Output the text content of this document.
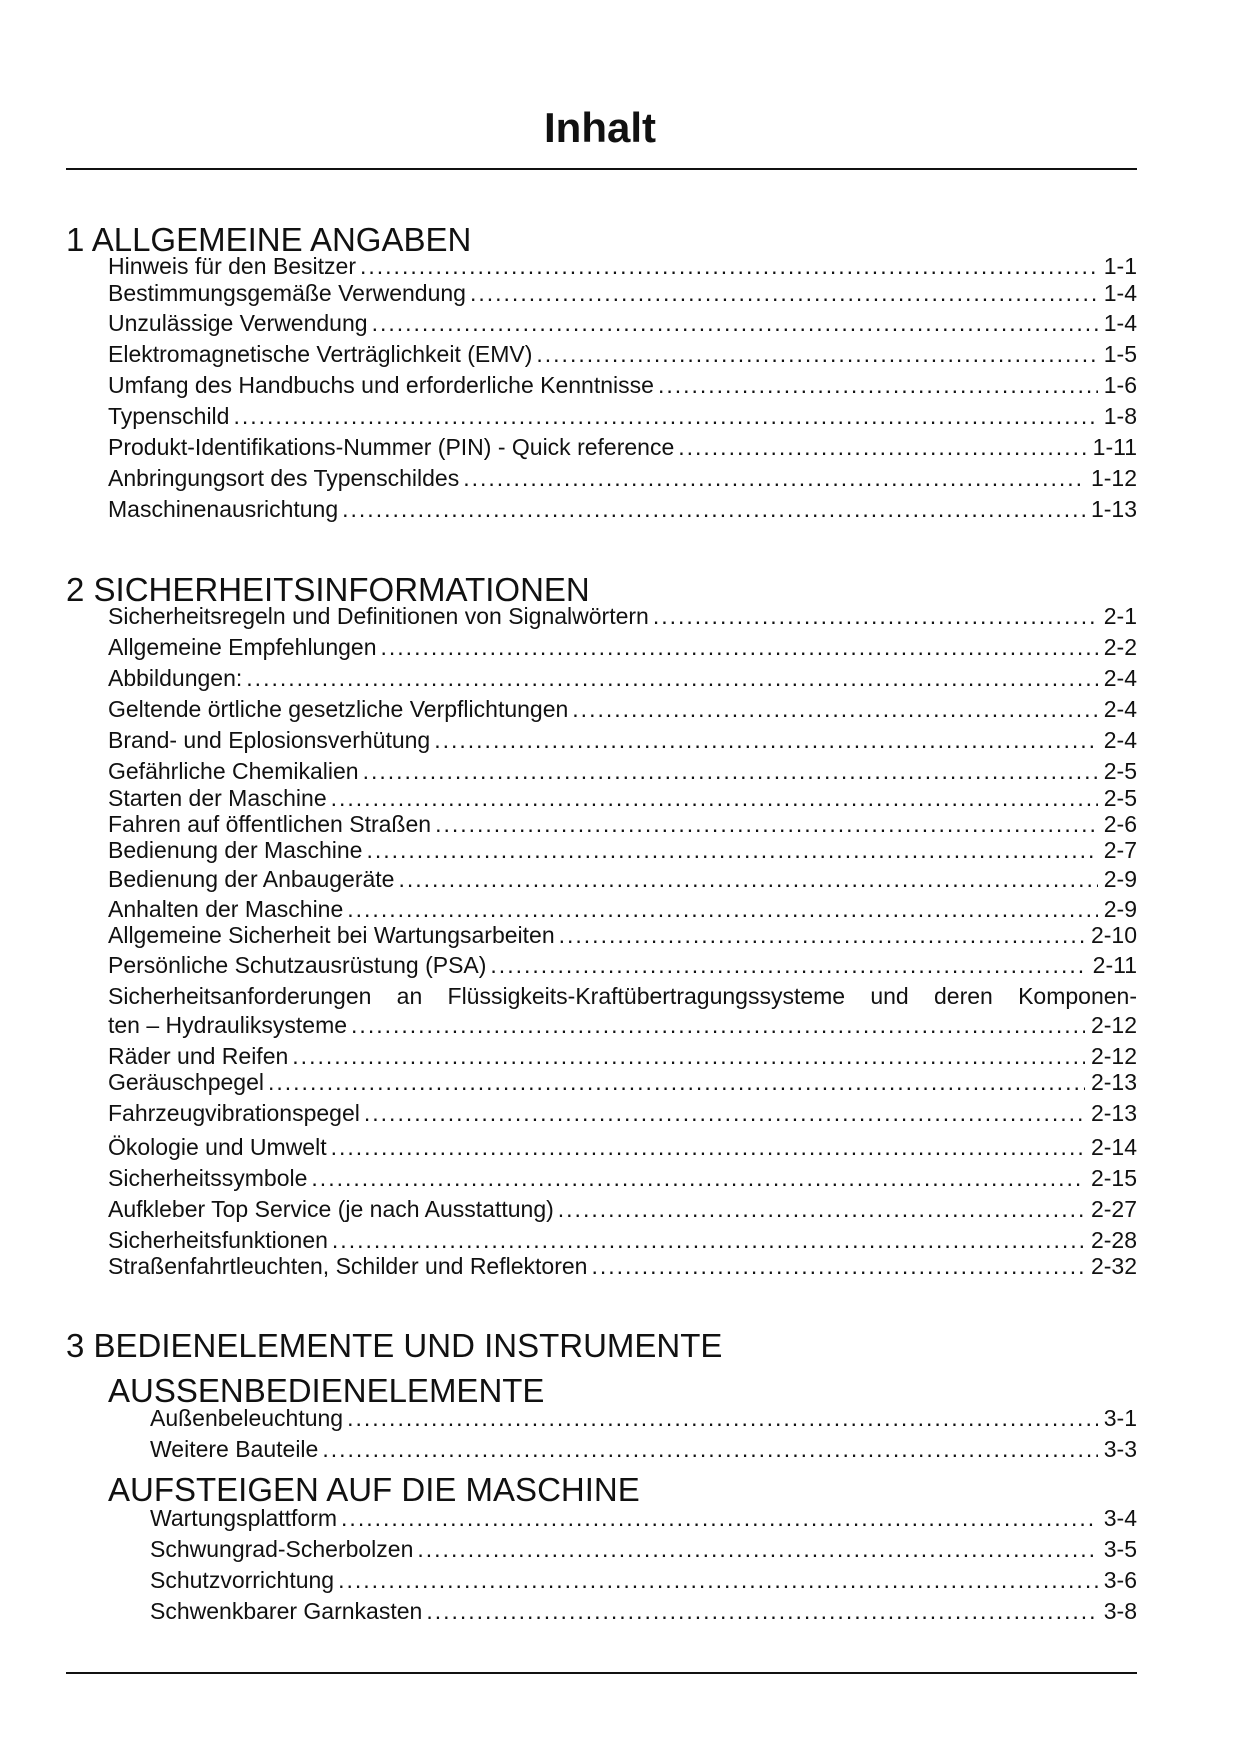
Inhalt
1 ALLGEMEINE ANGABEN
Hinweis für den Besitzer .....	1-1
Bestimmungsgemäße Verwendung .....	1-4
Unzulässige Verwendung .....	1-4
Elektromagnetische Verträglichkeit (EMV) .....	1-5
Umfang des Handbuchs und erforderliche Kenntnisse .....	1-6
Typenschild .....	1-8
Produkt-Identifikations-Nummer (PIN) - Quick reference .....	1-11
Anbringungsort des Typenschildes .....	1-12
Maschinenausrichtung .....	1-13
2 SICHERHEITSINFORMATIONEN
Sicherheitsregeln und Definitionen von Signalwörtern .....	2-1
Allgemeine Empfehlungen .....	2-2
Abbildungen: .....	2-4
Geltende örtliche gesetzliche Verpflichtungen .....	2-4
Brand- und Eplosionsverhütung .....	2-4
Gefährliche Chemikalien .....	2-5
Starten der Maschine .....	2-5
Fahren auf öffentlichen Straßen .....	2-6
Bedienung der Maschine .....	2-7
Bedienung der Anbaugeräte .....	2-9
Anhalten der Maschine .....	2-9
Allgemeine Sicherheit bei Wartungsarbeiten .....	2-10
Persönliche Schutzausrüstung (PSA) .....	2-11
Sicherheitsanforderungen an Flüssigkeits-Kraftübertragungssysteme und deren Komponen-
ten – Hydrauliksysteme .....	2-12
Räder und Reifen .....	2-12
Geräuschpegel .....	2-13
Fahrzeugvibrationspegel .....	2-13
Ökologie und Umwelt .....	2-14
Sicherheitssymbole .....	2-15
Aufkleber Top Service (je nach Ausstattung) .....	2-27
Sicherheitsfunktionen .....	2-28
Straßenfahrtleuchten, Schilder und Reflektoren .....	2-32
3 BEDIENELEMENTE UND INSTRUMENTE
AUSSENBEDIENELEMENTE
Außenbeleuchtung .....	3-1
Weitere Bauteile .....	3-3
AUFSTEIGEN AUF DIE MASCHINE
Wartungsplattform .....	3-4
Schwungrad-Scherbolzen .....	3-5
Schutzvorrichtung .....	3-6
Schwenkbarer Garnkasten .....	3-8
